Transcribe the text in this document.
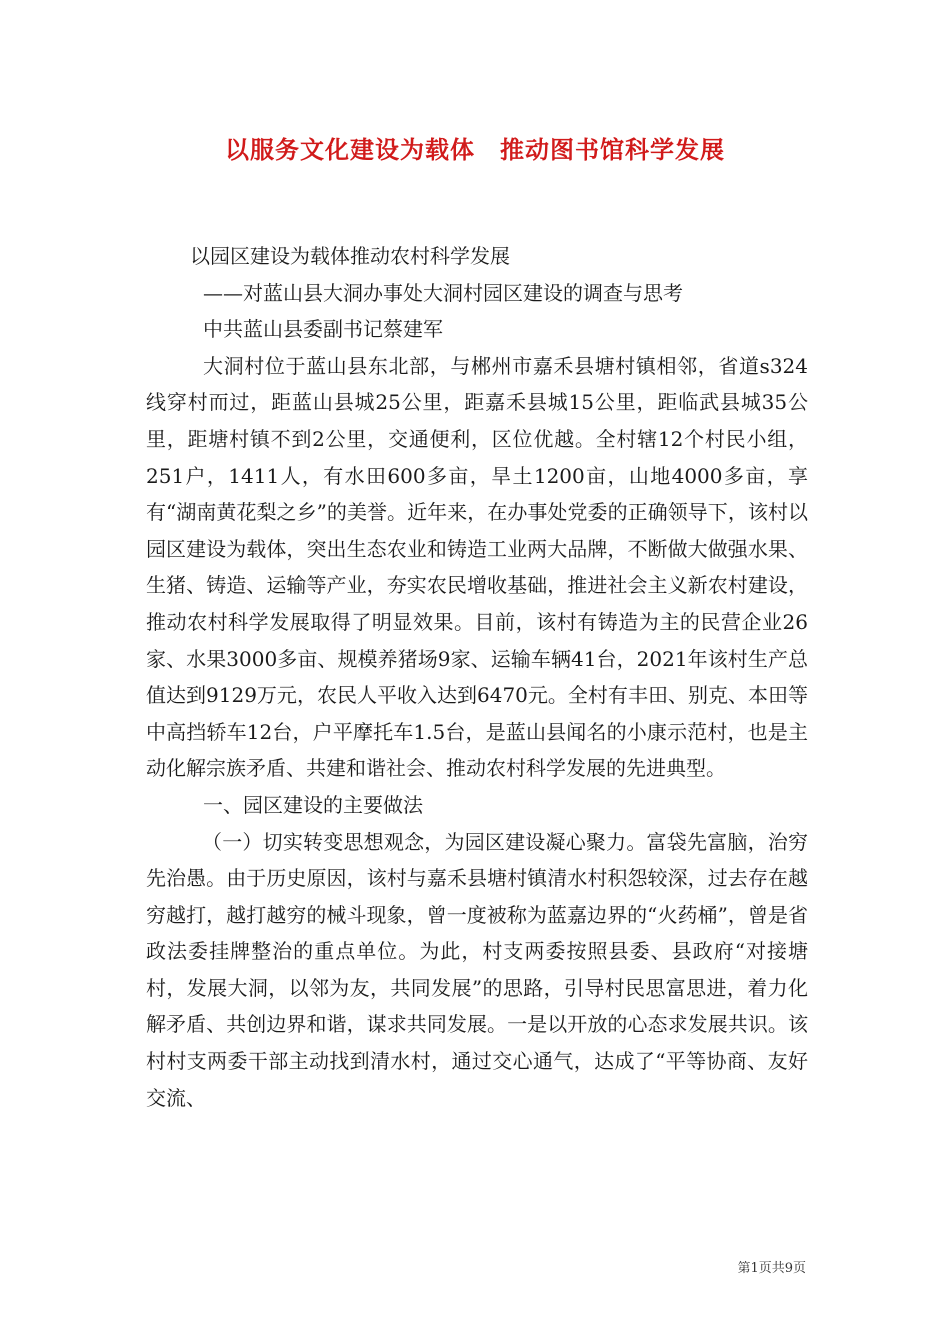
以服务文化建设为载体　推动图书馆科学发展

以园区建设为载体推动农村科学发展

——对蓝山县大洞办事处大洞村园区建设的调查与思考

中共蓝山县委副书记蔡建军

大洞村位于蓝山县东北部，与郴州市嘉禾县塘村镇相邻，省道s324线穿村而过，距蓝山县城25公里，距嘉禾县城15公里，距临武县城35公里，距塘村镇不到2公里，交通便利，区位优越。全村辖12个村民小组，251户，1411人，有水田600多亩，旱土1200亩，山地4000多亩，享有“湖南黄花梨之乡”的美誉。近年来，在办事处党委的正确领导下，该村以园区建设为载体，突出生态农业和铸造工业两大品牌，不断做大做强水果、生猪、铸造、运输等产业，夯实农民增收基础，推进社会主义新农村建设，推动农村科学发展取得了明显效果。目前，该村有铸造为主的民营企业26家、水果3000多亩、规模养猪场9家、运输车辆41台，2021年该村生产总值达到9129万元，农民人平收入达到6470元。全村有丰田、别克、本田等中高挡轿车12台，户平摩托车1.5台，是蓝山县闻名的小康示范村，也是主动化解宗族矛盾、共建和谐社会、推动农村科学发展的先进典型。

一、园区建设的主要做法

（一）切实转变思想观念，为园区建设凝心聚力。富袋先富脑，治穷先治愚。由于历史原因，该村与嘉禾县塘村镇清水村积怨较深，过去存在越穷越打，越打越穷的械斗现象，曾一度被称为蓝嘉边界的“火药桶”，曾是省政法委挂牌整治的重点单位。为此，村支两委按照县委、县政府“对接塘村，发展大洞，以邻为友，共同发展”的思路，引导村民思富思进，着力化解矛盾、共创边界和谐，谋求共同发展。一是以开放的心态求发展共识。该村村支两委干部主动找到清水村，通过交心通气，达成了“平等协商、友好交流、

第1页共9页
